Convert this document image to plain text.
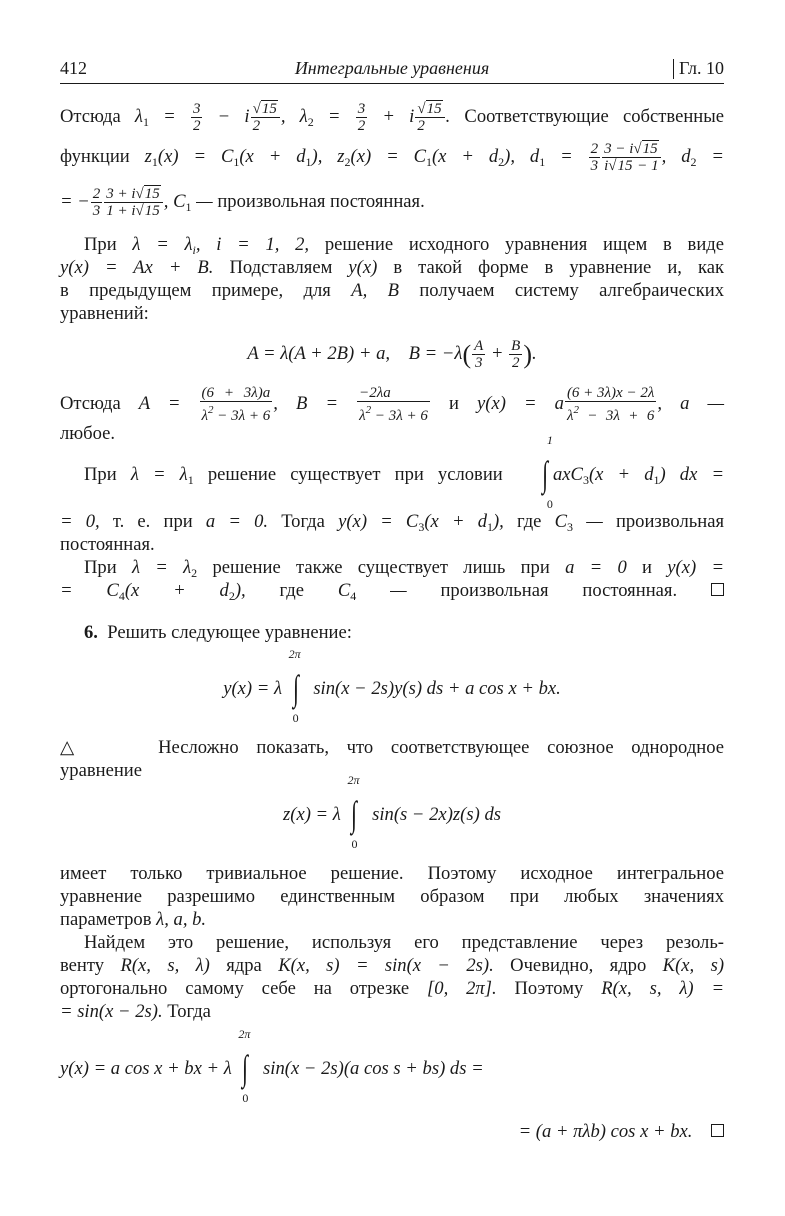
412	Интегральные уравнения	Гл. 10
Отсюда $\lambda_1 = \frac{3}{2} - i \frac{√15}{2}$ , $\lambda_2 = \frac{3}{2} + i \frac{√15}{2}$ . Соответствующие собственные
функции $z_1(x) = C_1(x + d_1)$, $z_2(x) = C_1(x + d_2)$, $d_1 = \frac{2}{3} \frac{3 - i√15}{i√15 - 1}$ , $d_2$ =
= − $\frac{2}{3} \frac{3 + i√15}{1 + i√15}$ , $C_1$ — произвольная постоянная.
При $\lambda = \lambda_i$, i = 1, 2, решение исходного уравнения ищем в виде
y(x) = Ax + B. Подставляем y(x) в такой форме в уравнение и, как
в предыдущем примере, для A, B получаем систему алгебраических
уравнений:
A = λ(A + 2B) + a,    $B = -\lambda( \frac{A}{3} + \frac{B}{2}$ ).
Отсюда $A = \frac{(6 + 3\lambda)a}{\lambda^2 - 3\lambda + 6}$ , $B = \frac{-2\lambda a}{\lambda^2 - 3\lambda + 6}$ и y(x) = a $\frac{(6 + 3\lambda)x - 2\lambda}{\lambda^2 - 3\lambda + 6}$ , a —
любое.
При $\lambda = \lambda_1$ решение существует при условии	∫
1
0
$axC_3(x + d_1)$ dx =
= 0, т. е. при a = 0. Тогда $y(x) = C_3(x + d_1)$, где $C_3$ — произвольная
постоянная.
При $\lambda = \lambda_2$ решение также существует лишь при a = 0 и y(x) =
= $C_4(x + d_2)$, где $C_4$ — произвольная постоянная.
6. Решить следующее уравнение:
y(x) = λ ∫
2π
0
sin(x − 2s)y(s) ds + a cos x + bx.
△	Несложно показать, что соответствующее союзное однородное
уравнение
z(x) = λ ∫
2π
0
sin(s − 2x)z(s) ds
имеет только тривиальное решение. Поэтому исходное интегральное
уравнение разрешимо единственным образом при любых значениях
параметров λ, a, b.
Найдем это решение, используя его представление через резоль-
венту R(x, s, λ) ядра K(x, s) = sin(x − 2s). Очевидно, ядро K(x, s)
ортогонально самому себе на отрезке [0, 2π]. Поэтому R(x, s, λ) =
= sin(x − 2s). Тогда
y(x) = a cos x + bx + λ ∫
2π
0
sin(x − 2s)(a cos s + bs) ds =
= (a + πλb) cos x + bx.
